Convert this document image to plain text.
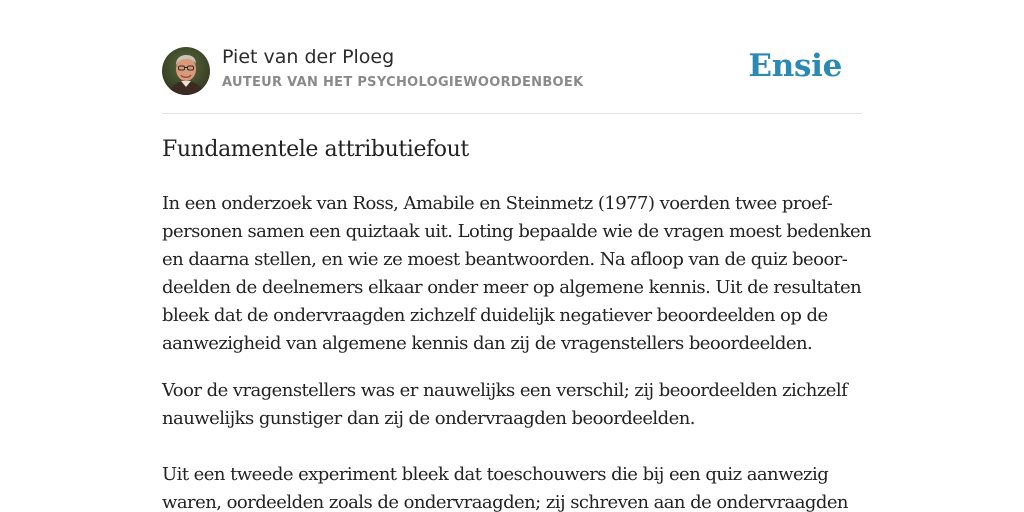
Piet van der Ploeg
AUTEUR VAN HET PSYCHOLOGIEWOORDENBOEK	Ensie
Fundamentele attributiefout

In een onderzoek van Ross, Amabile en Steinmetz (1977) voerden twee proef-
personen samen een quiztaak uit. Loting bepaalde wie de vragen moest bedenken
en daarna stellen, en wie ze moest beantwoorden. Na afloop van de quiz beoor-
deelden de deelnemers elkaar onder meer op algemene kennis. Uit de resultaten
bleek dat de ondervraagden zichzelf duidelijk negatiever beoordeelden op de
aanwezigheid van algemene kennis dan zij de vragenstellers beoordeelden.

Voor de vragenstellers was er nauwelijks een verschil; zij beoordeelden zichzelf
nauwelijks gunstiger dan zij de ondervraagden beoordeelden.

Uit een tweede experiment bleek dat toeschouwers die bij een quiz aanwezig
waren, oordeelden zoals de ondervraagden; zij schreven aan de ondervraagden
